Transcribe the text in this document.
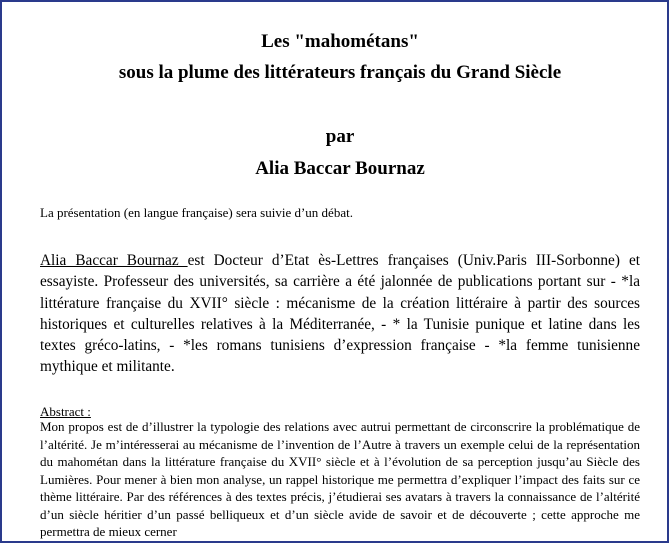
Les "mahométans"
sous la plume des littérateurs français du Grand Siècle
par
Alia Baccar Bournaz

La présentation (en langue française) sera suivie d’un débat.

Alia Baccar Bournaz est Docteur d’Etat ès-Lettres françaises (Univ.Paris III-Sorbonne) et essayiste. Professeur des universités, sa carrière a été jalonnée de publications portant sur - *la littérature française du XVII° siècle : mécanisme de la création littéraire à partir des sources historiques et culturelles relatives à la Méditerranée, - * la Tunisie punique et latine dans les textes gréco-latins, - *les romans tunisiens d’expression française - *la femme tunisienne mythique et militante.

Abstract :

Mon propos est de d’illustrer la typologie des relations avec autrui permettant de circonscrire la problématique de l’altérité. Je m’intéresserai au mécanisme de l’invention de l’Autre à travers un exemple celui de la représentation du mahométan dans la littérature française du XVII° siècle et à l’évolution de sa perception jusqu’au Siècle des Lumières. Pour mener à bien mon analyse, un rappel historique me permettra d’expliquer l’impact des faits sur ce thème littéraire. Par des références à des textes précis, j’étudierai ses avatars à travers la connaissance de l’altérité d’un siècle héritier d’un passé belliqueux et d’un siècle avide de savoir et de découverte ; cette approche me permettra de mieux cerner
